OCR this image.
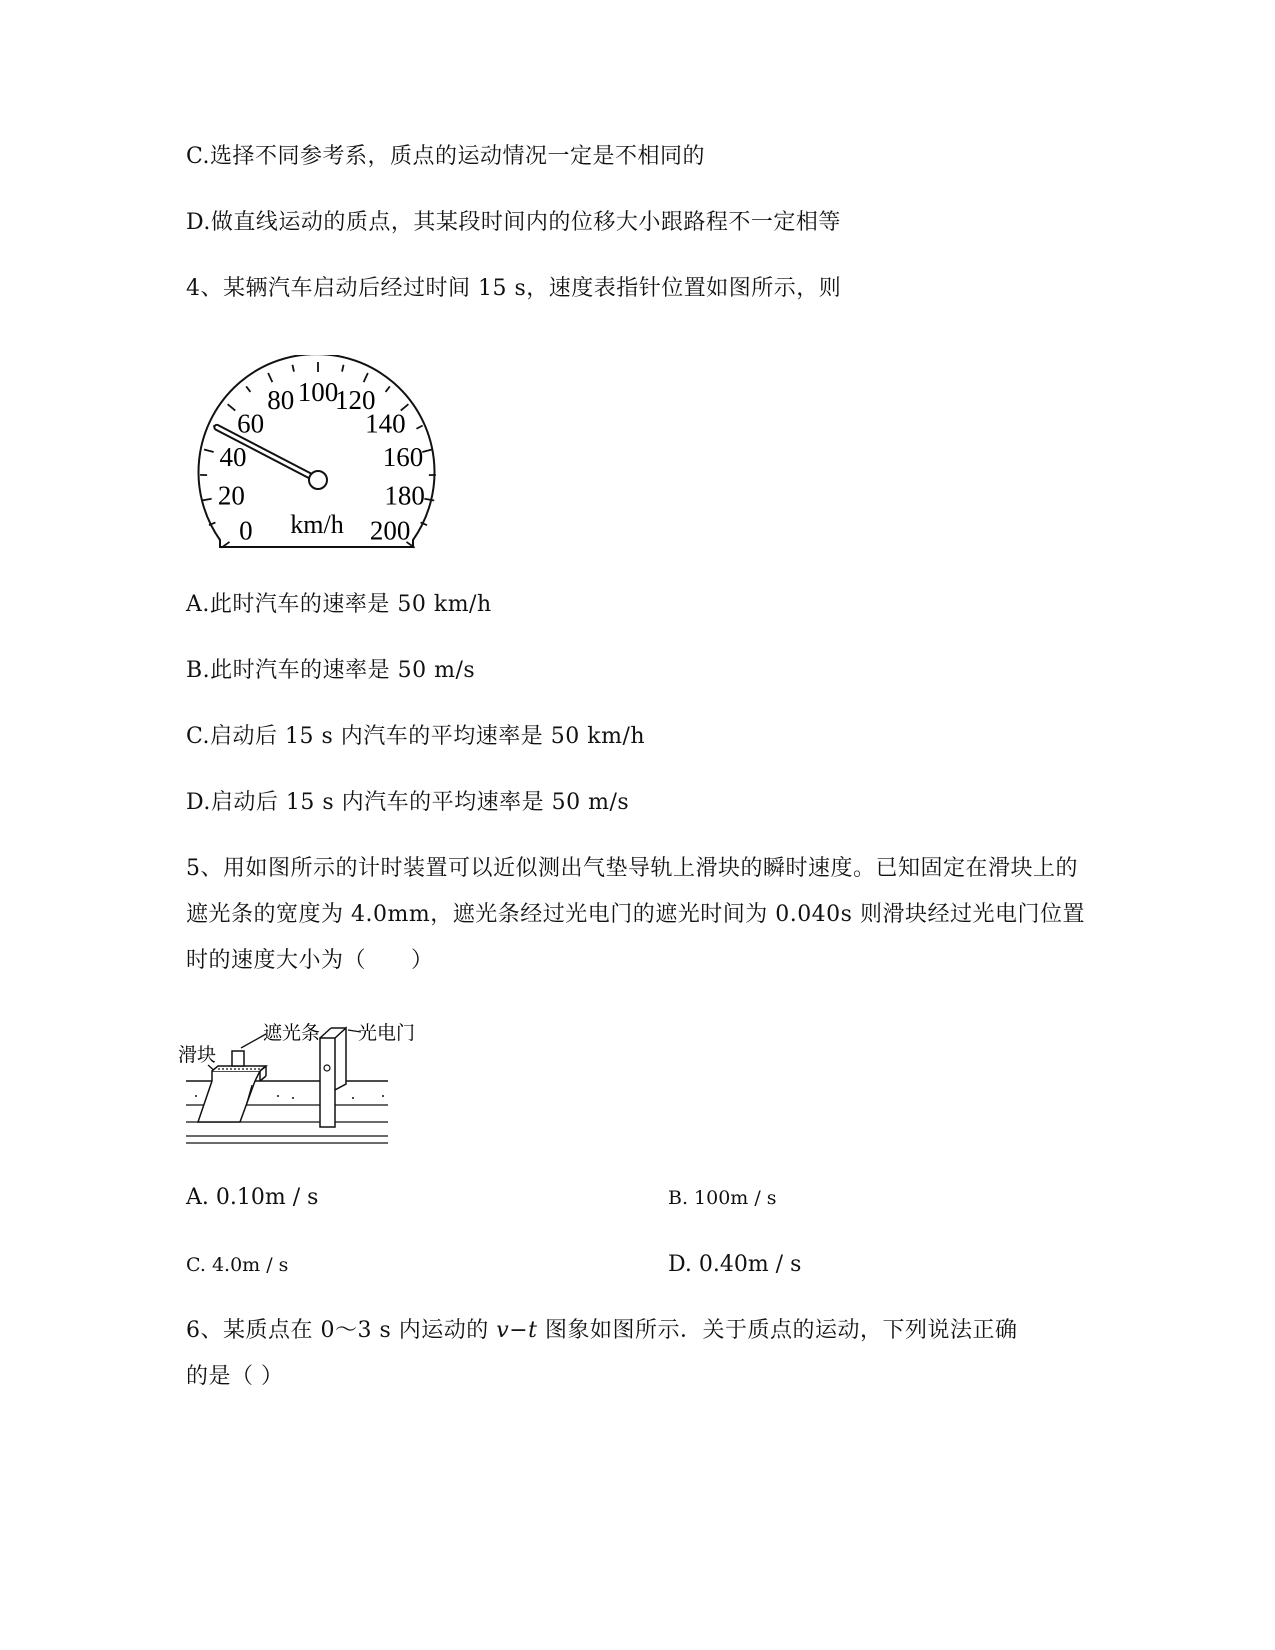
C.选择不同参考系，质点的运动情况一定是不相同的
D.做直线运动的质点，其某段时间内的位移大小跟路程不一定相等
4、某辆汽车启动后经过时间 15 s，速度表指针位置如图所示，则
0
20
40
60
80 100
120
140
160
180
200
km/h
A.此时汽车的速率是 50 km/h
B.此时汽车的速率是 50 m/s
C.启动后 15 s 内汽车的平均速率是 50 km/h
D.启动后 15 s 内汽车的平均速率是 50 m/s
5、用如图所示的计时装置可以近似测出气垫导轨上滑块的瞬时速度。已知固定在滑块上的遮光条的宽度为 4.0mm，遮光条经过光电门的遮光时间为 0.040s 则滑块经过光电门位置时的速度大小为（　　）
遮光条 光电门
滑块
A. 0.10m / s	B. 100m / s
C. 4.0m / s	D. 0.40m / s
6、某质点在 0～3 s 内运动的 v−t 图象如图所示．关于质点的运动，下列说法正确
的是（ ）
